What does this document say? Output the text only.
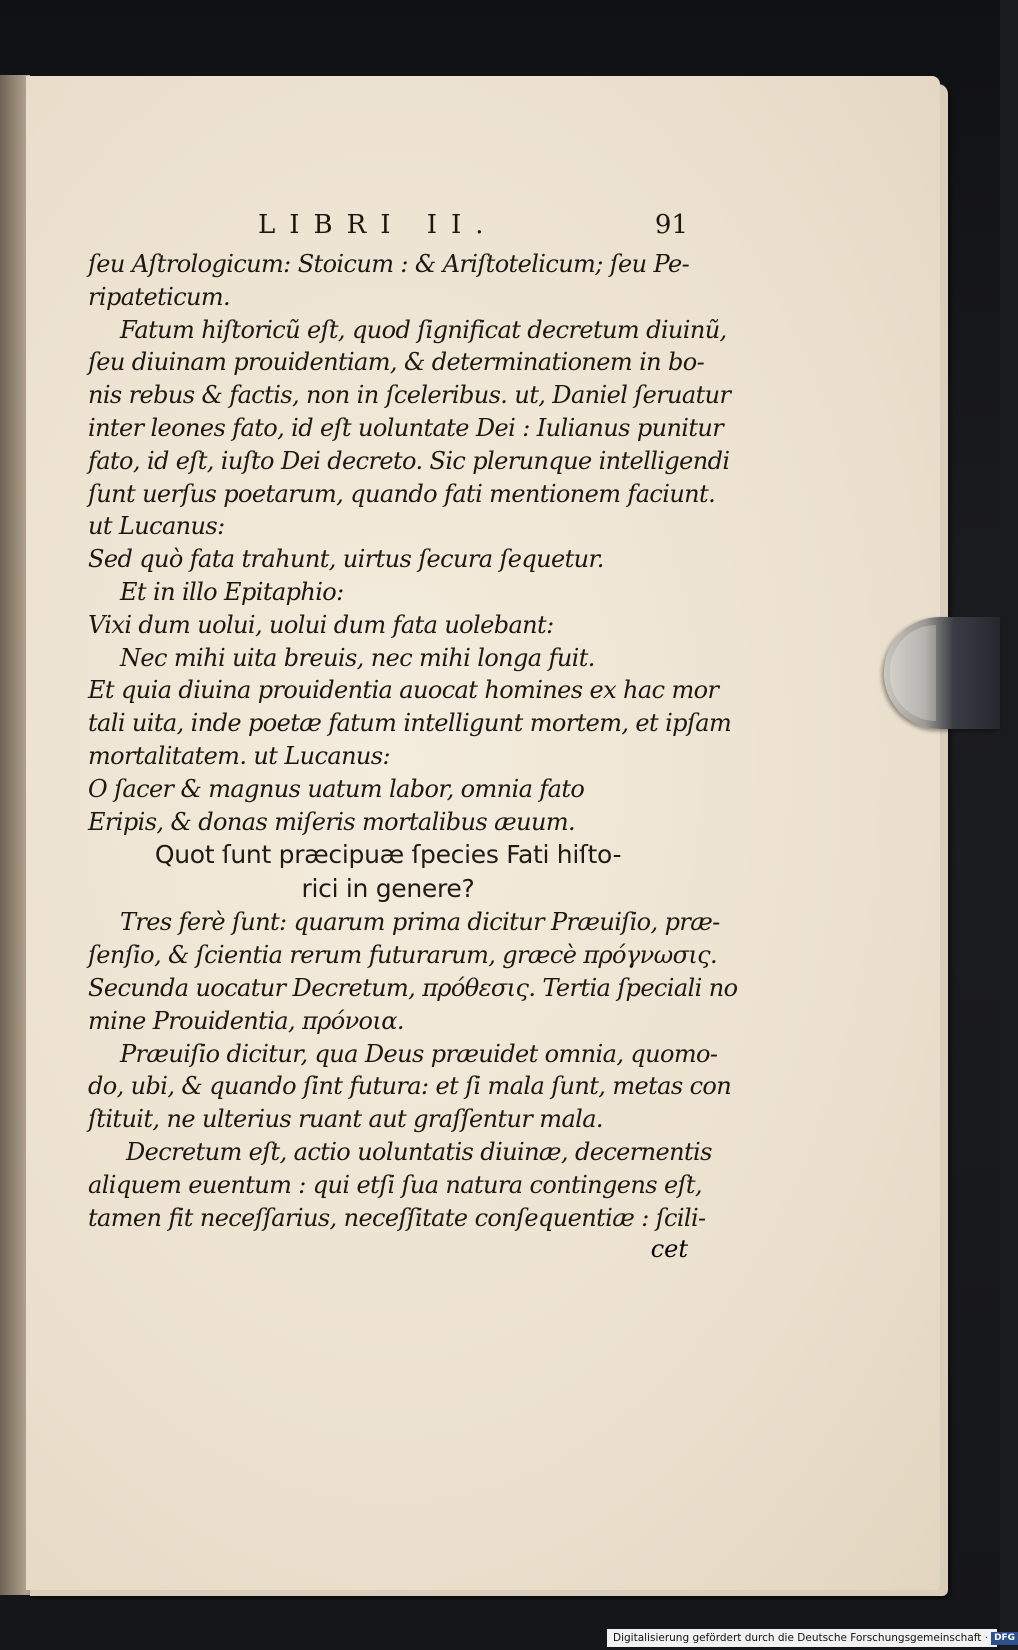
LIBRI II.	91
ſeu Aſtrologicum: Stoicum : & Ariſtotelicum; ſeu Pe-
ripateticum.
Fatum hiſtoricũ eſt, quod ſignificat decretum diuinũ,
ſeu diuinam prouidentiam, & determinationem in bo-
nis rebus & factis, non in ſceleribus. ut, Daniel ſeruatur
inter leones fato, id eſt uoluntate Dei : Iulianus punitur
fato, id eſt, iuſto Dei decreto. Sic plerunque intelligendi
ſunt uerſus poetarum, quando fati mentionem faciunt.
ut Lucanus:
Sed quò fata trahunt, uirtus ſecura ſequetur.
Et in illo Epitaphio:
Vixi dum uolui, uolui dum fata uolebant:
Nec mihi uita breuis, nec mihi longa fuit.
Et quia diuina prouidentia auocat homines ex hac mor
tali uita, inde poetæ fatum intelligunt mortem, et ipſam
mortalitatem. ut Lucanus:
O ſacer & magnus uatum labor, omnia fato
Eripis, & donas miſeris mortalibus æuum.
Quot ſunt præcipuæ ſpecies Fati hiſto-
rici in genere?
Tres ferè ſunt: quarum prima dicitur Præuiſio, præ-
ſenſio, & ſcientia rerum futurarum, græcè πρόγνωσις.
Secunda uocatur Decretum, πρόθεσις. Tertia ſpeciali no
mine Prouidentia, πρόνοια.
Præuiſio dicitur, qua Deus præuidet omnia, quomo-
do, ubi, & quando ſint futura: et ſi mala ſunt, metas con
ſtituit, ne ulterius ruant aut graſſentur mala.
Decretum eſt, actio uoluntatis diuinæ, decernentis
aliquem euentum : qui etſi ſua natura contingens eſt,
tamen fit neceſſarius, neceſſitate conſequentiæ : ſcili-
cet
Digitalisierung gefördert durch die Deutsche Forschungsgemeinschaft · DFG
